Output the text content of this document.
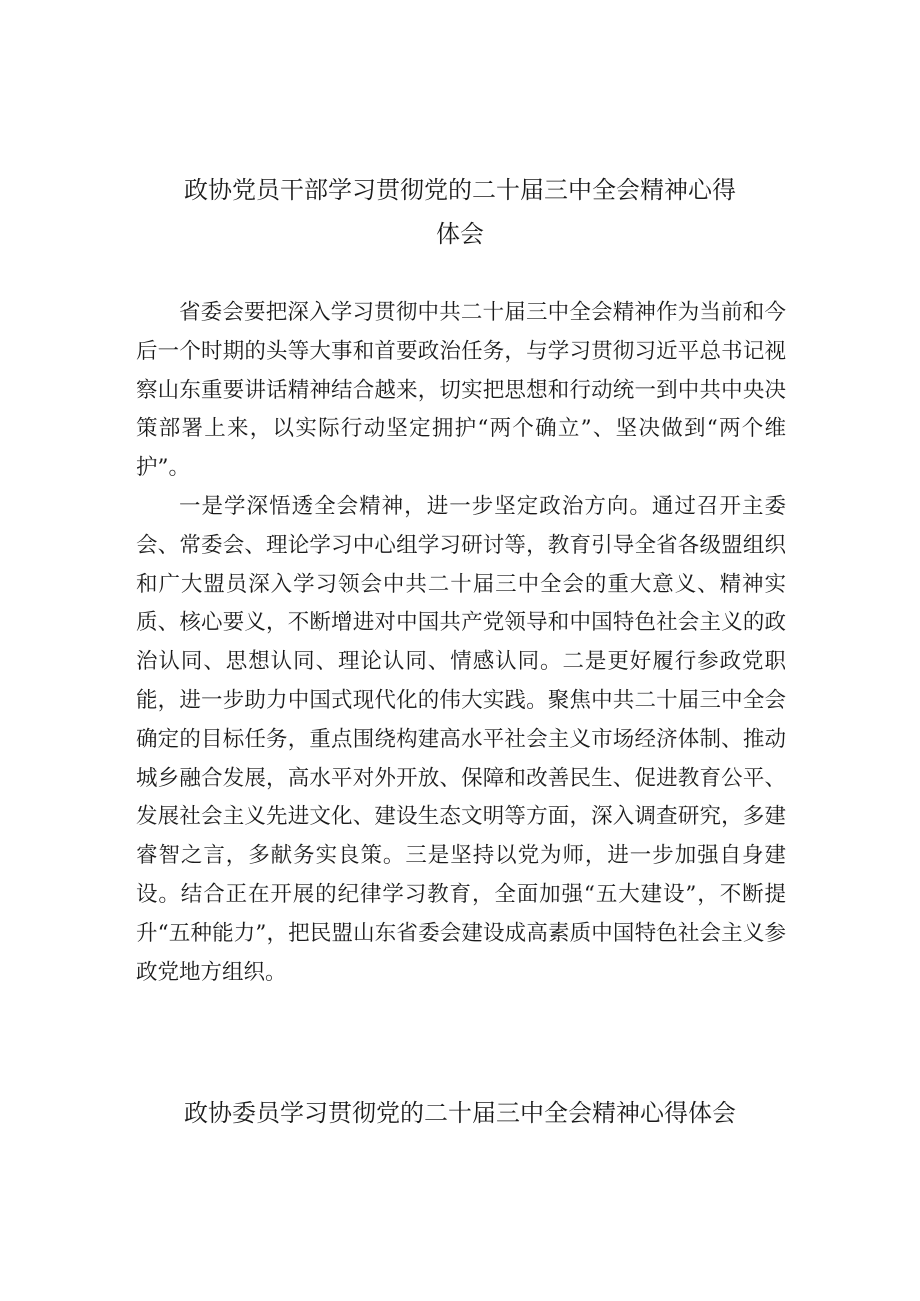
政协党员干部学习贯彻党的二十届三中全会精神心得
体会

省委会要把深入学习贯彻中共二十届三中全会精神作为当前和今后一个时期的头等大事和首要政治任务，与学习贯彻习近平总书记视察山东重要讲话精神结合越来，切实把思想和行动统一到中共中央决策部署上来，以实际行动坚定拥护“两个确立”、坚决做到“两个维护”。

一是学深悟透全会精神，进一步坚定政治方向。通过召开主委会、常委会、理论学习中心组学习研讨等，教育引导全省各级盟组织和广大盟员深入学习领会中共二十届三中全会的重大意义、精神实质、核心要义，不断增进对中国共产党领导和中国特色社会主义的政治认同、思想认同、理论认同、情感认同。二是更好履行参政党职能，进一步助力中国式现代化的伟大实践。聚焦中共二十届三中全会确定的目标任务，重点围绕构建高水平社会主义市场经济体制、推动城乡融合发展，高水平对外开放、保障和改善民生、促进教育公平、发展社会主义先进文化、建设生态文明等方面，深入调查研究，多建睿智之言，多献务实良策。三是坚持以党为师，进一步加强自身建设。结合正在开展的纪律学习教育，全面加强“五大建设”，不断提升“五种能力”，把民盟山东省委会建设成高素质中国特色社会主义参政党地方组织。

政协委员学习贯彻党的二十届三中全会精神心得体会
